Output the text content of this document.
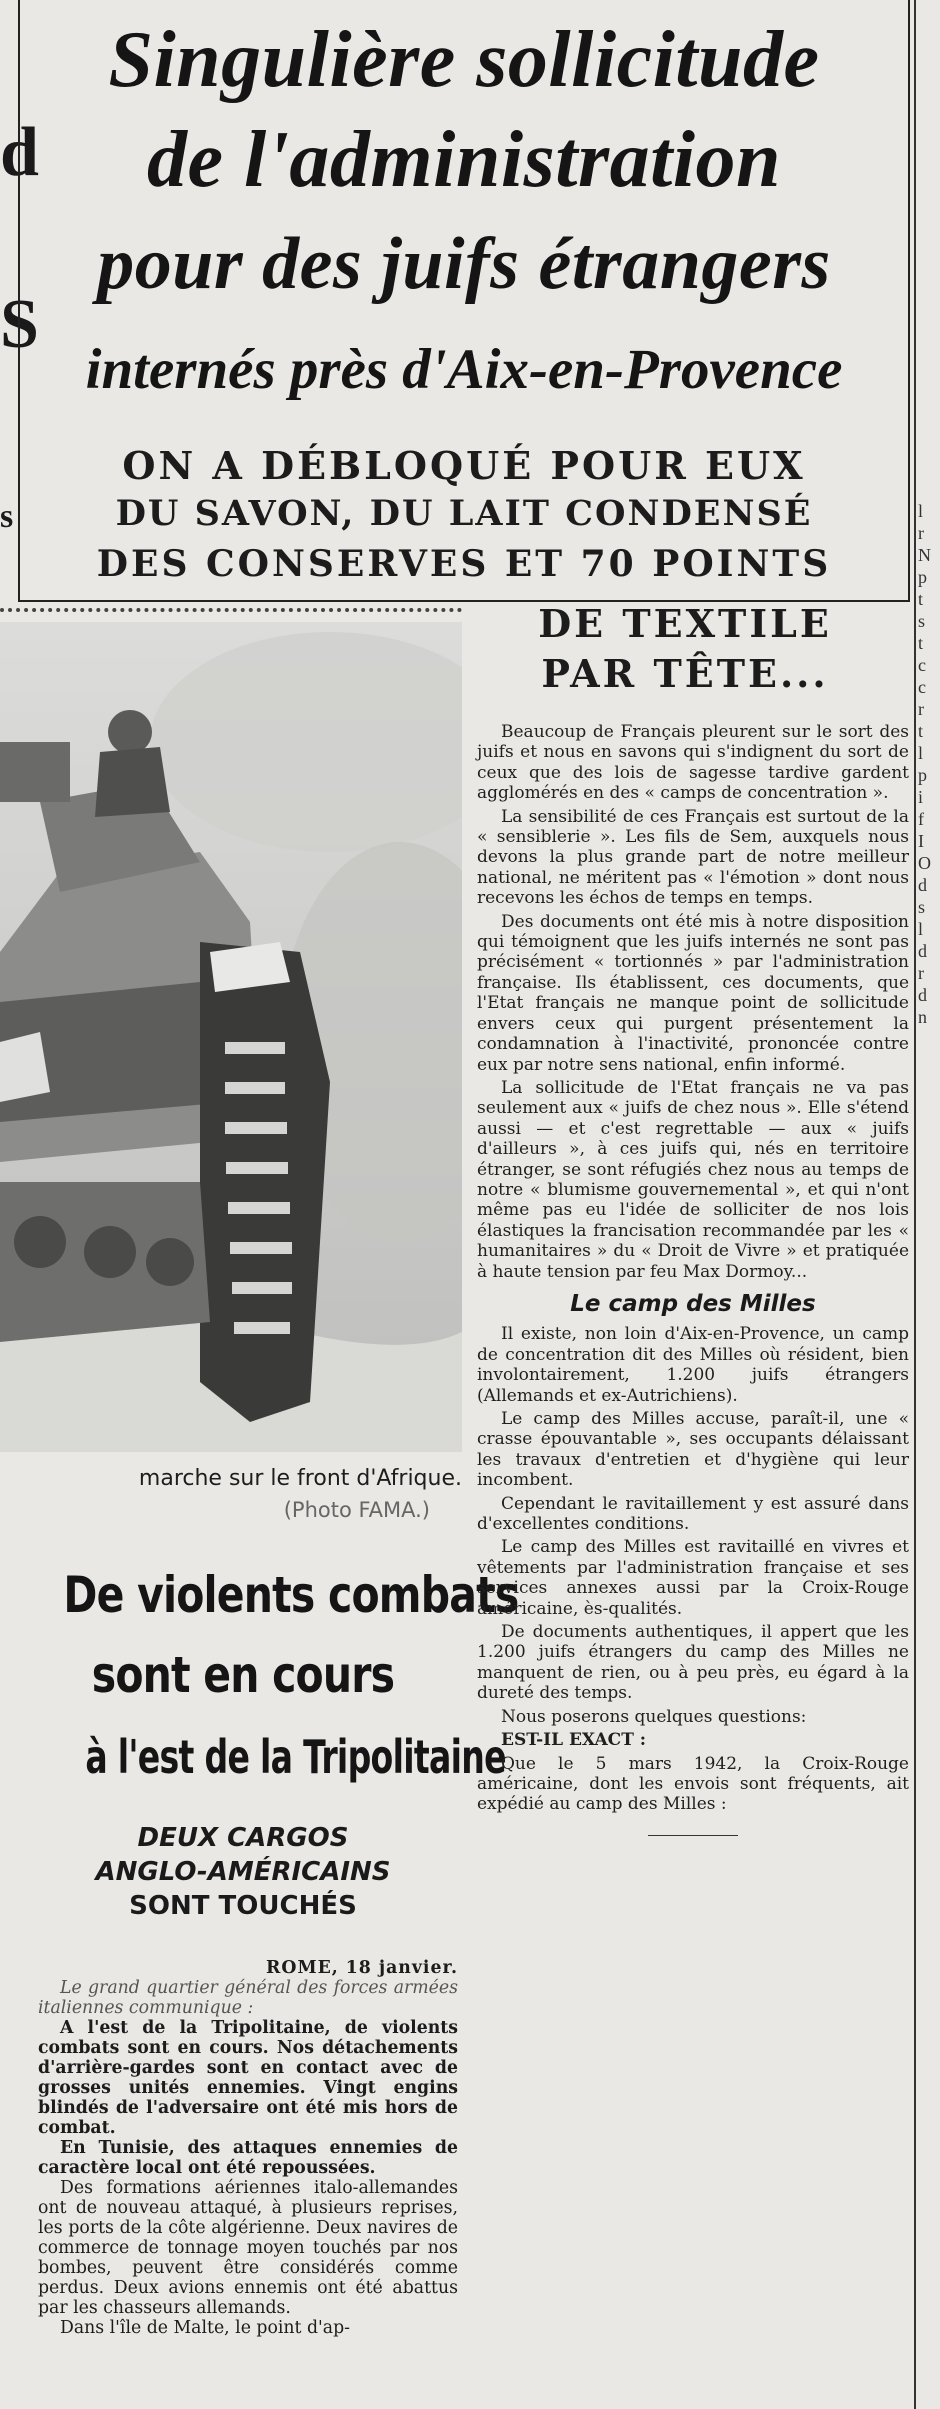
d
S
s
Singulière sollicitude
de l'administration
pour des juifs étrangers
internés près d'Aix-en-Provence
ON A DÉBLOQUÉ POUR EUX
DU SAVON, DU LAIT CONDENSÉ
DES CONSERVES ET 70 POINTS
DE TEXTILE
PAR TÊTE...
marche sur le front d'Afrique.
(Photo FAMA.)
De violents combats
sont en cours
à l'est de la Tripolitaine
DEUX CARGOS
ANGLO-AMÉRICAINS
SONT TOUCHÉS

ROME, 18 janvier.

Le grand quartier général des forces armées italiennes communique :

A l'est de la Tripolitaine, de violents combats sont en cours. Nos détachements d'arrière-gardes sont en contact avec de grosses unités ennemies. Vingt engins blindés de l'adversaire ont été mis hors de combat.

En Tunisie, des attaques ennemies de caractère local ont été repoussées.

Des formations aériennes italo-allemandes ont de nouveau attaqué, à plusieurs reprises, les ports de la côte algérienne. Deux navires de commerce de tonnage moyen touchés par nos bombes, peuvent être considérés comme perdus. Deux avions ennemis ont été abattus par les chasseurs allemands.

Dans l'île de Malte, le point d'ap-

Beaucoup de Français pleurent sur le sort des juifs et nous en savons qui s'indignent du sort de ceux que des lois de sagesse tardive gardent agglomérés en des « camps de concentration ».

La sensibilité de ces Français est surtout de la « sensiblerie ». Les fils de Sem, auxquels nous devons la plus grande part de notre meilleur national, ne méritent pas « l'émotion » dont nous recevons les échos de temps en temps.

Des documents ont été mis à notre disposition qui témoignent que les juifs internés ne sont pas précisément « tortionnés » par l'administration française. Ils établissent, ces documents, que l'Etat français ne manque point de sollicitude envers ceux qui purgent présentement la condamnation à l'inactivité, prononcée contre eux par notre sens national, enfin informé.

La sollicitude de l'Etat français ne va pas seulement aux « juifs de chez nous ». Elle s'étend aussi — et c'est regrettable — aux « juifs d'ailleurs », à ces juifs qui, nés en territoire étranger, se sont réfugiés chez nous au temps de notre « blumisme gouvernemental », et qui n'ont même pas eu l'idée de solliciter de nos lois élastiques la francisation recommandée par les « humanitaires » du « Droit de Vivre » et pratiquée à haute tension par feu Max Dormoy...

Le camp des Milles

Il existe, non loin d'Aix-en-Provence, un camp de concentration dit des Milles où résident, bien involontairement, 1.200 juifs étrangers (Allemands et ex-Autrichiens).

Le camp des Milles accuse, paraît-il, une « crasse épouvantable », ses occupants délaissant les travaux d'entretien et d'hygiène qui leur incombent.

Cependant le ravitaillement y est assuré dans d'excellentes conditions.

Le camp des Milles est ravitaillé en vivres et vêtements par l'administration française et ses services annexes aussi par la Croix-Rouge américaine, ès-qualités.

De documents authentiques, il appert que les 1.200 juifs étrangers du camp des Milles ne manquent de rien, ou à peu près, eu égard à la dureté des temps.

Nous poserons quelques questions:

EST-IL EXACT :

Que le 5 mars 1942, la Croix-Rouge américaine, dont les envois sont fréquents, ait expédié au camp des Milles :

l
r
N
p
t
s
t
c
c
r
t
l
p
i
f
I
O
d
s
l
d
r
d
n
